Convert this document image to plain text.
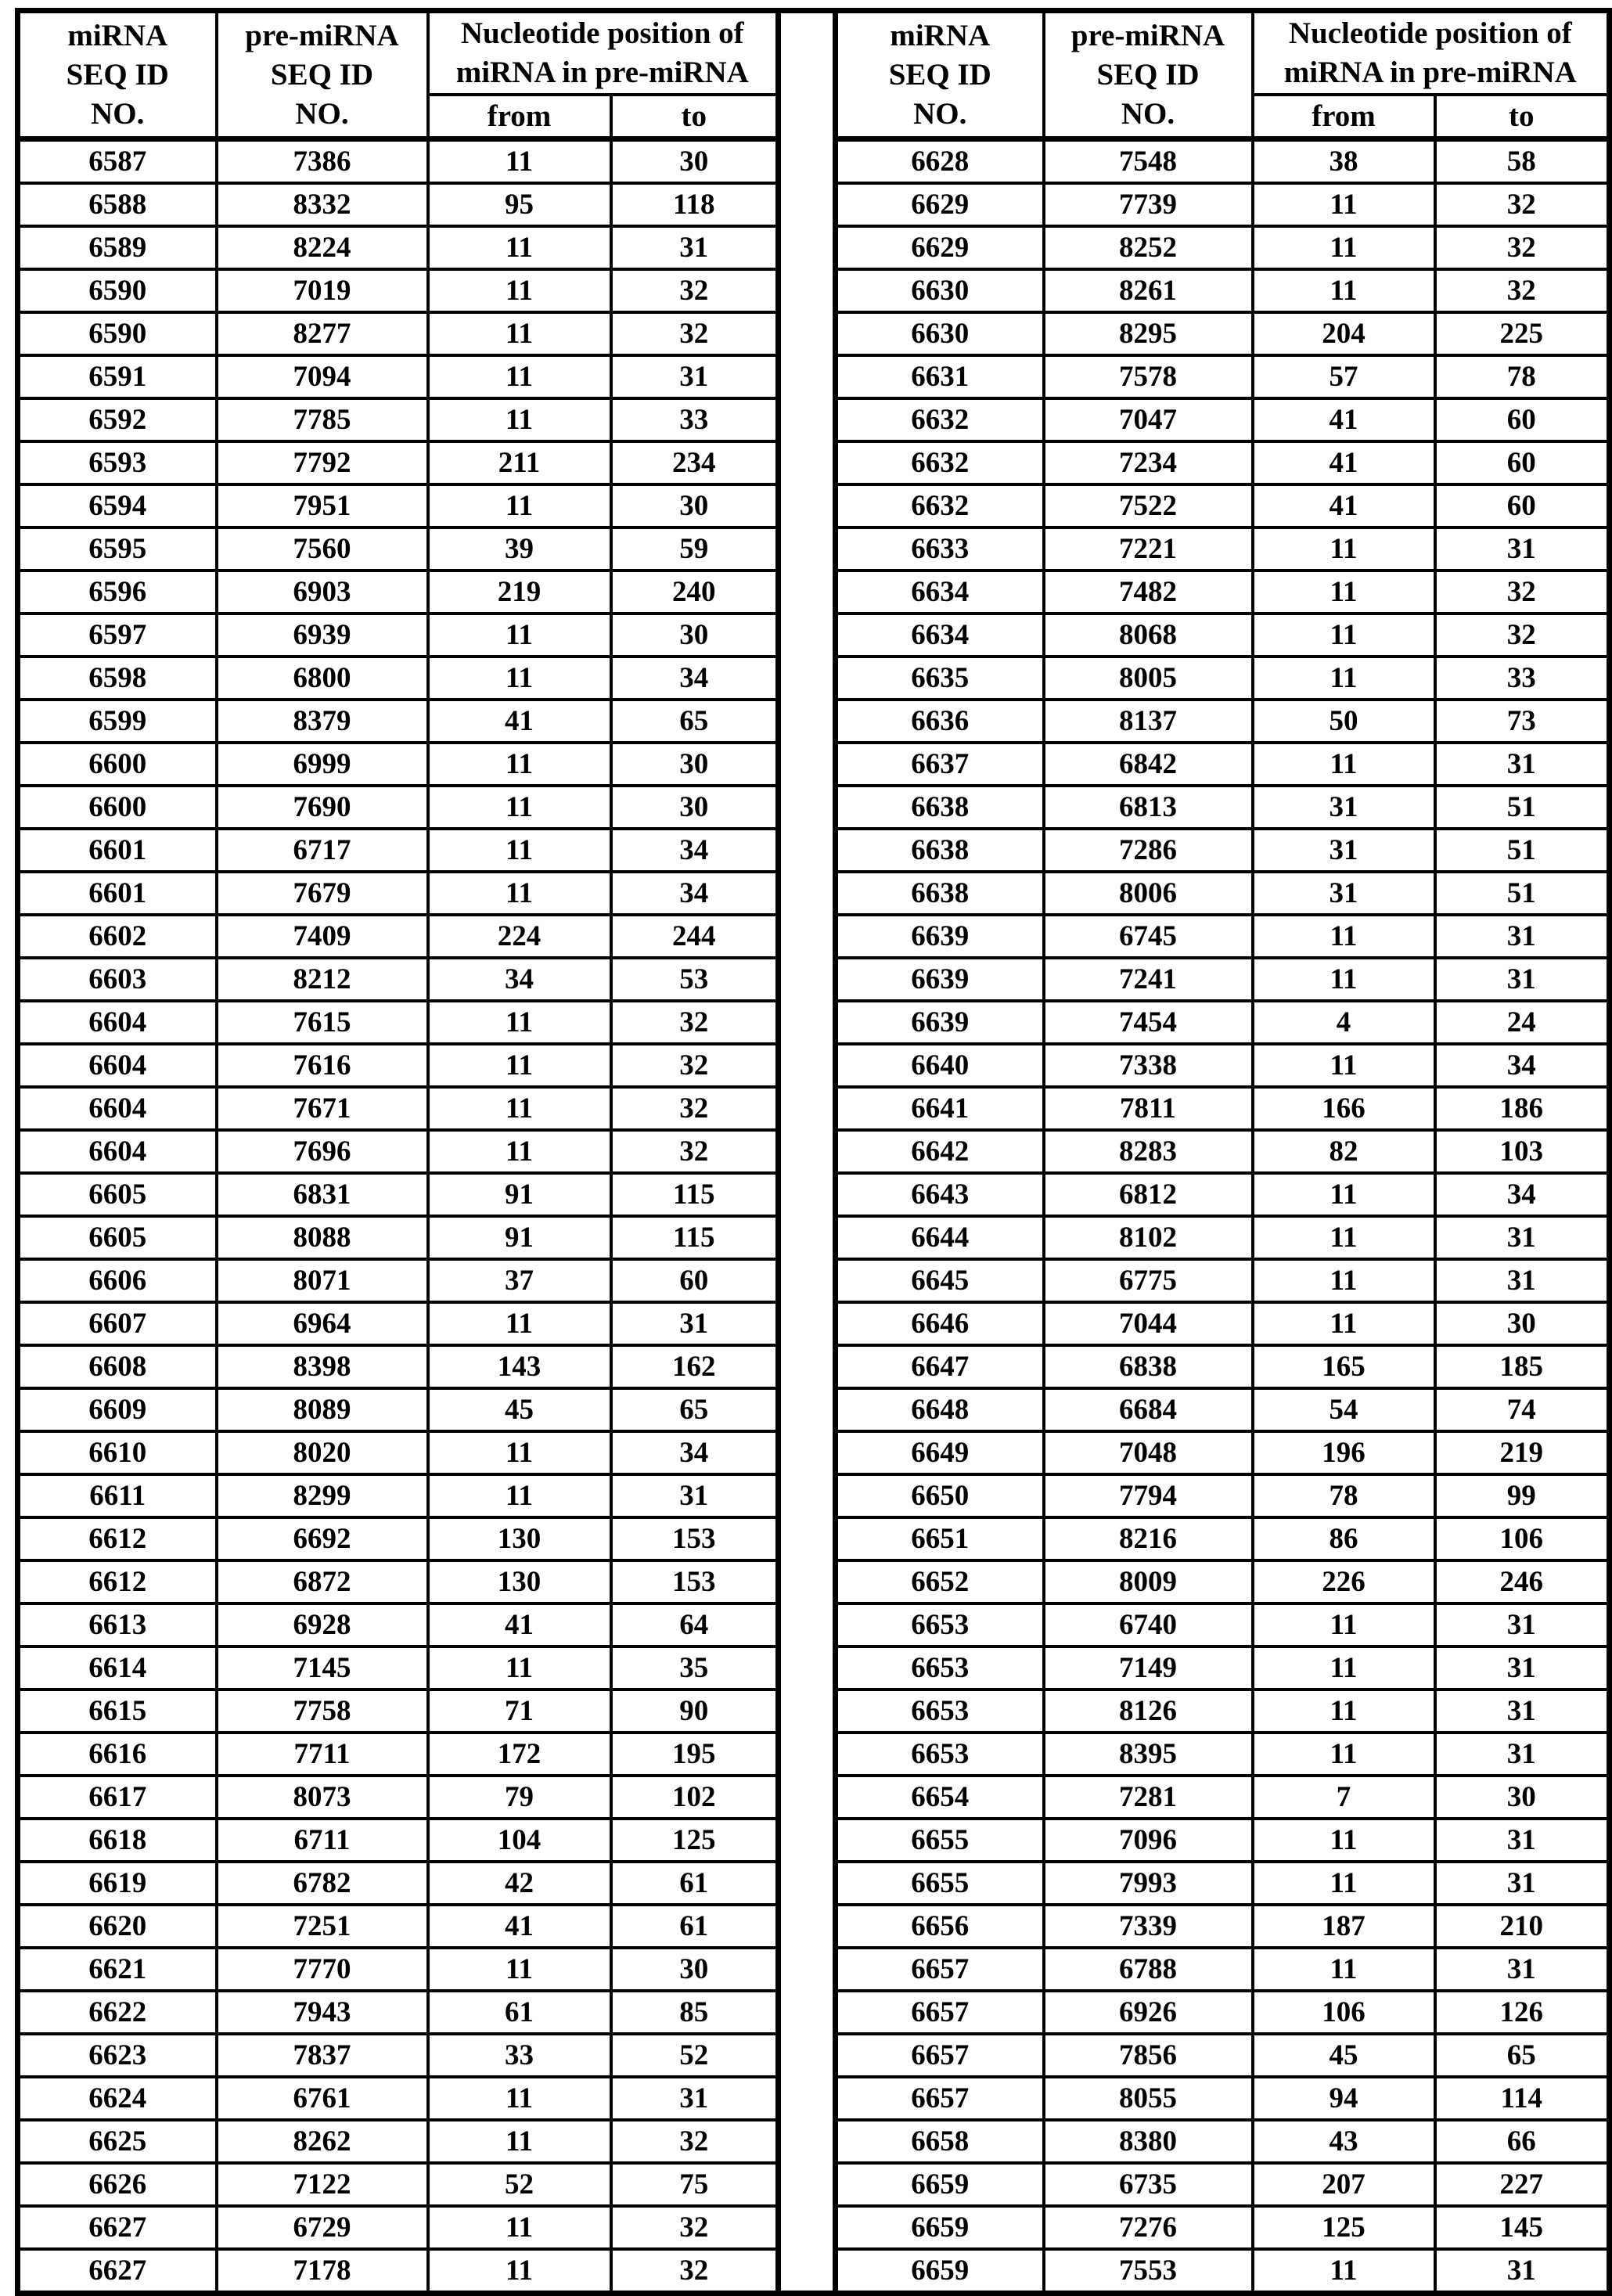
miRNA
SEQ ID
NO.	pre-miRNA
SEQ ID
NO.	Nucleotide position of
miRNA in pre-miRNA	
		from	to
6587	7386	11	30
6588	8332	95	118
6589	8224	11	31
6590	7019	11	32
6590	8277	11	32
6591	7094	11	31
6592	7785	11	33
6593	7792	211	234
6594	7951	11	30
6595	7560	39	59
6596	6903	219	240
6597	6939	11	30
6598	6800	11	34
6599	8379	41	65
6600	6999	11	30
6600	7690	11	30
6601	6717	11	34
6601	7679	11	34
6602	7409	224	244
6603	8212	34	53
6604	7615	11	32
6604	7616	11	32
6604	7671	11	32
6604	7696	11	32
6605	6831	91	115
6605	8088	91	115
6606	8071	37	60
6607	6964	11	31
6608	8398	143	162
6609	8089	45	65
6610	8020	11	34
6611	8299	11	31
6612	6692	130	153
6612	6872	130	153
6613	6928	41	64
6614	7145	11	35
6615	7758	71	90
6616	7711	172	195
6617	8073	79	102
6618	6711	104	125
6619	6782	42	61
6620	7251	41	61
6621	7770	11	30
6622	7943	61	85
6623	7837	33	52
6624	6761	11	31
6625	8262	11	32
6626	7122	52	75
6627	6729	11	32
6627	7178	11	32
miRNA
SEQ ID
NO.	pre-miRNA
SEQ ID
NO.	Nucleotide position of
miRNA in pre-miRNA	
		from	to
6628	7548	38	58
6629	7739	11	32
6629	8252	11	32
6630	8261	11	32
6630	8295	204	225
6631	7578	57	78
6632	7047	41	60
6632	7234	41	60
6632	7522	41	60
6633	7221	11	31
6634	7482	11	32
6634	8068	11	32
6635	8005	11	33
6636	8137	50	73
6637	6842	11	31
6638	6813	31	51
6638	7286	31	51
6638	8006	31	51
6639	6745	11	31
6639	7241	11	31
6639	7454	4	24
6640	7338	11	34
6641	7811	166	186
6642	8283	82	103
6643	6812	11	34
6644	8102	11	31
6645	6775	11	31
6646	7044	11	30
6647	6838	165	185
6648	6684	54	74
6649	7048	196	219
6650	7794	78	99
6651	8216	86	106
6652	8009	226	246
6653	6740	11	31
6653	7149	11	31
6653	8126	11	31
6653	8395	11	31
6654	7281	7	30
6655	7096	11	31
6655	7993	11	31
6656	7339	187	210
6657	6788	11	31
6657	6926	106	126
6657	7856	45	65
6657	8055	94	114
6658	8380	43	66
6659	6735	207	227
6659	7276	125	145
6659	7553	11	31
